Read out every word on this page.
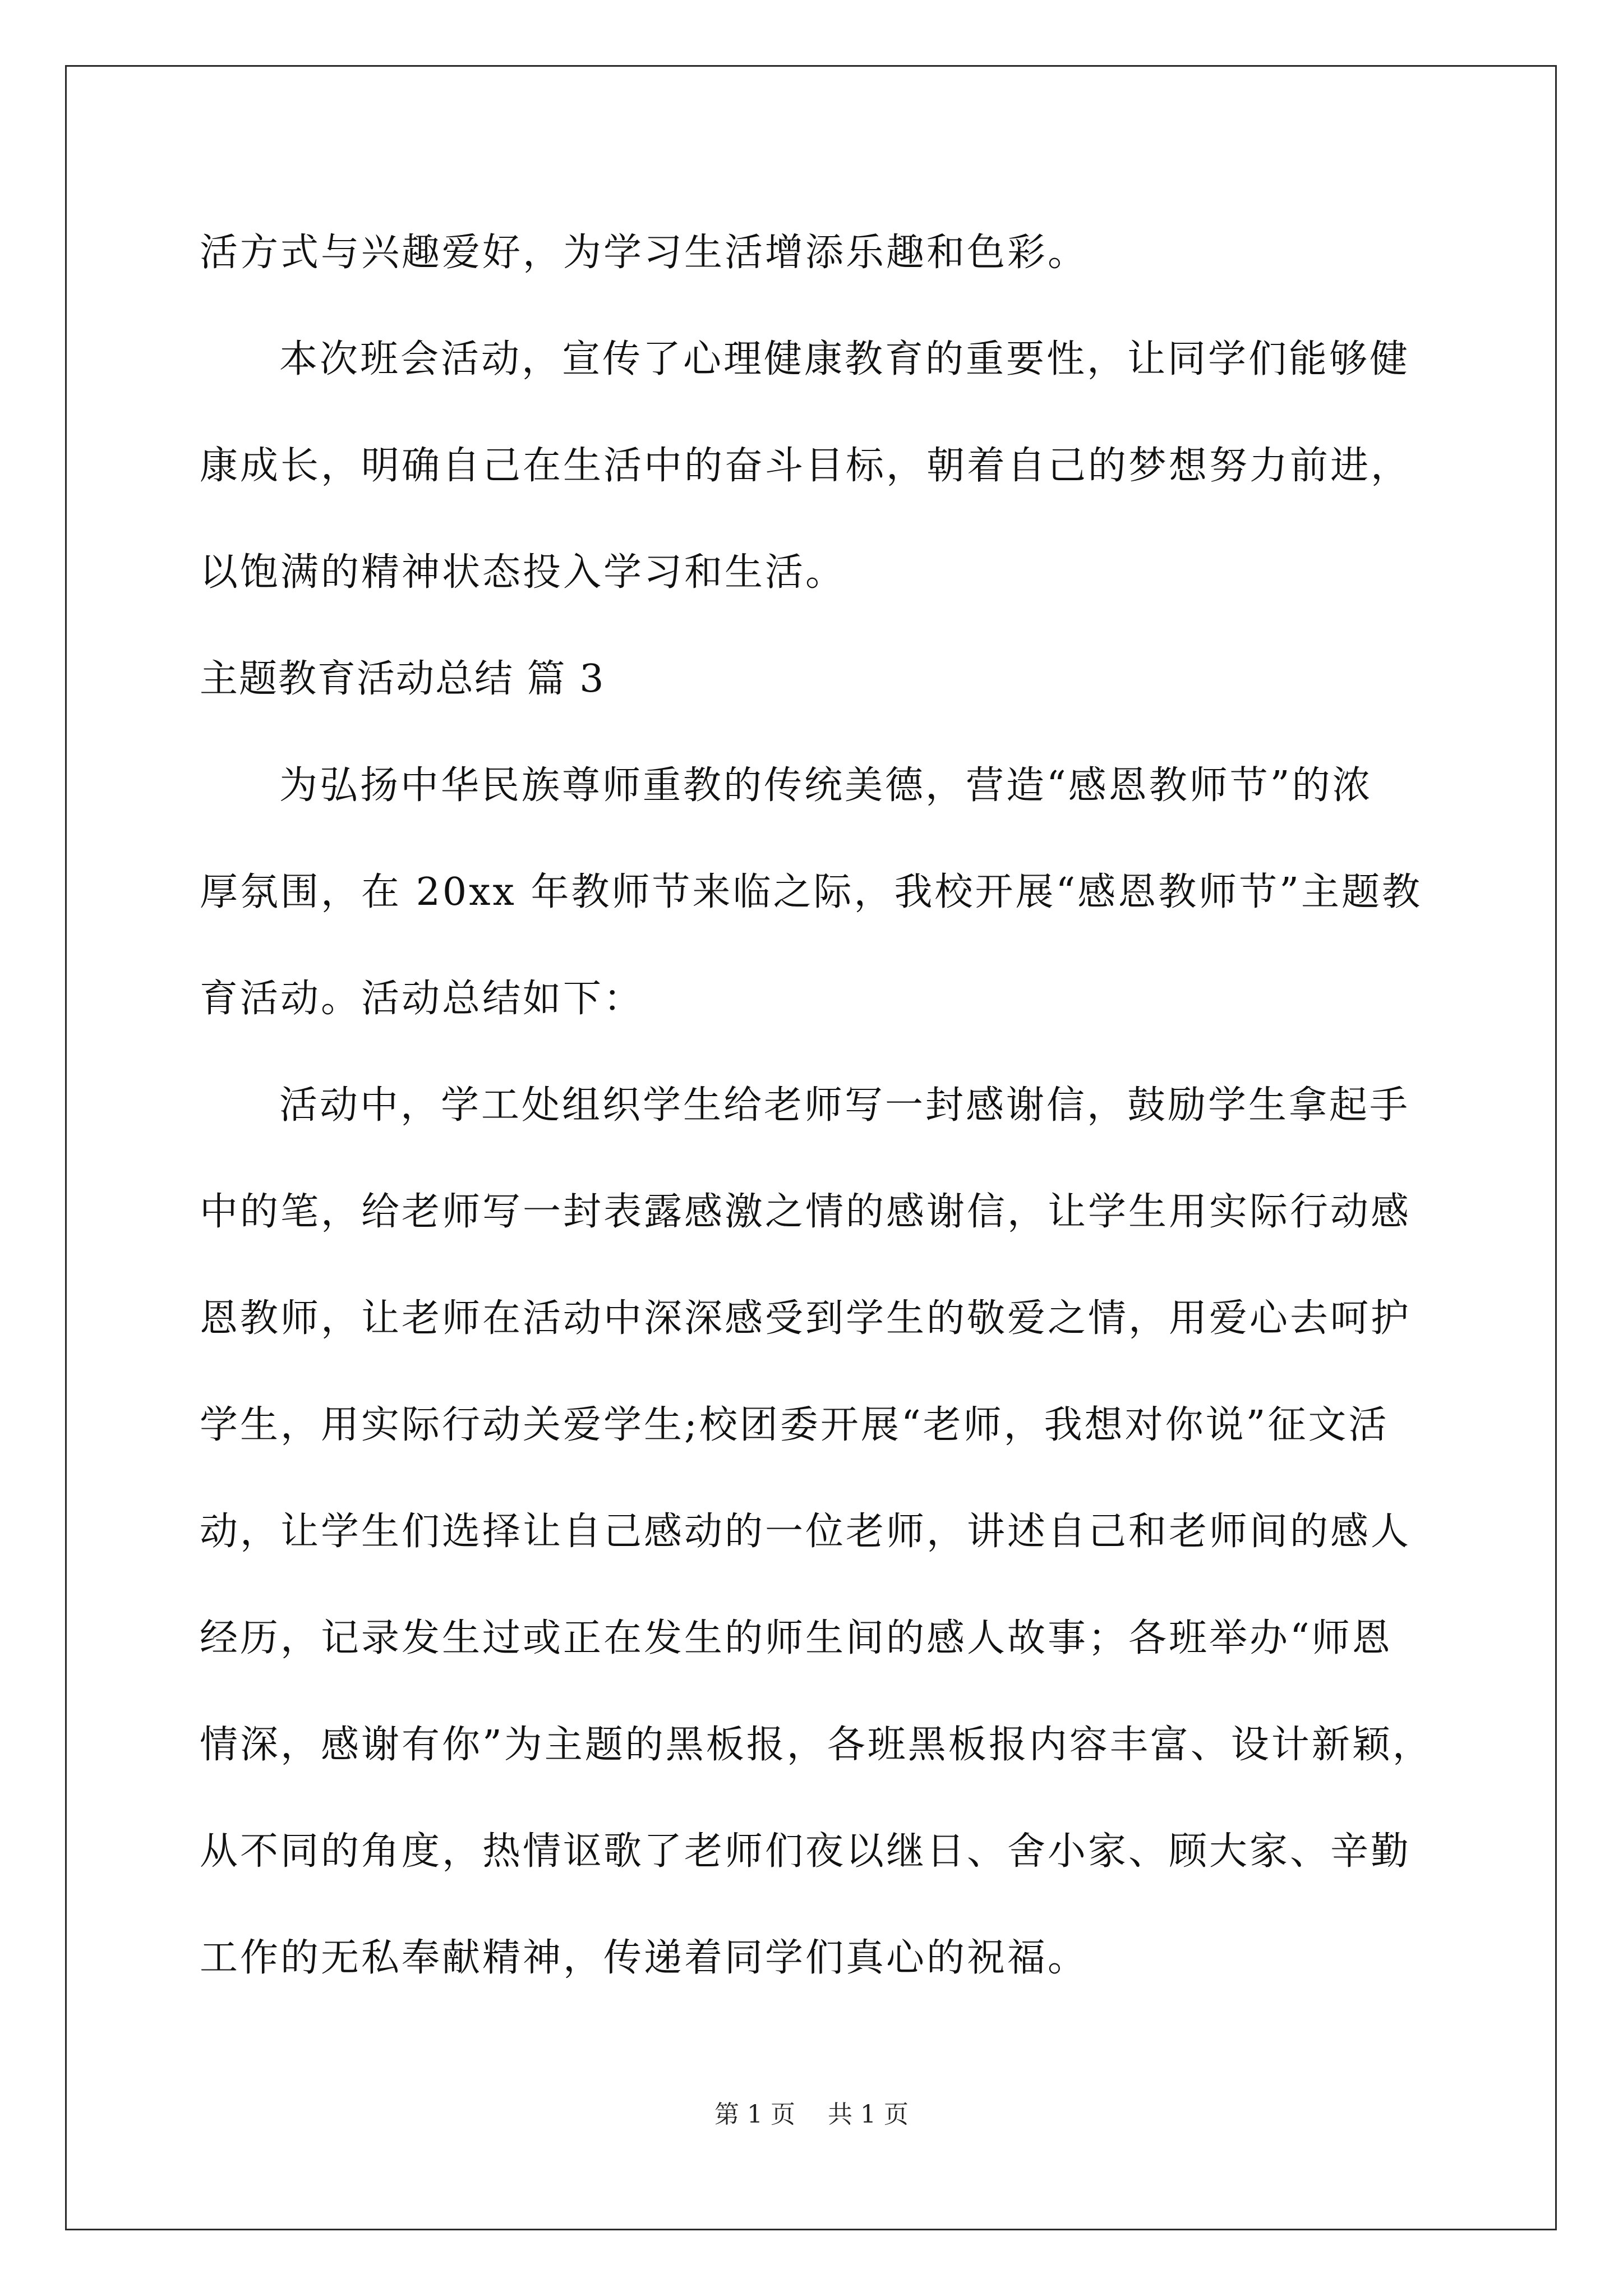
活方式与兴趣爱好，为学习生活增添乐趣和色彩。

本次班会活动，宣传了心理健康教育的重要性，让同学们能够健

康成长，明确自己在生活中的奋斗目标，朝着自己的梦想努力前进，

以饱满的精神状态投入学习和生活。

主题教育活动总结 篇 3

为弘扬中华民族尊师重教的传统美德，营造“感恩教师节”的浓

厚氛围，在 20xx 年教师节来临之际，我校开展“感恩教师节”主题教

育活动。活动总结如下：

活动中，学工处组织学生给老师写一封感谢信，鼓励学生拿起手

中的笔，给老师写一封表露感激之情的感谢信，让学生用实际行动感

恩教师，让老师在活动中深深感受到学生的敬爱之情，用爱心去呵护

学生，用实际行动关爱学生;校团委开展“老师，我想对你说”征文活

动，让学生们选择让自己感动的一位老师，讲述自己和老师间的感人

经历，记录发生过或正在发生的师生间的感人故事；各班举办“师恩

情深，感谢有你”为主题的黑板报，各班黑板报内容丰富、设计新颖，

从不同的角度，热情讴歌了老师们夜以继日、舍小家、顾大家、辛勤

工作的无私奉献精神，传递着同学们真心的祝福。

第 1 页 共 1 页
